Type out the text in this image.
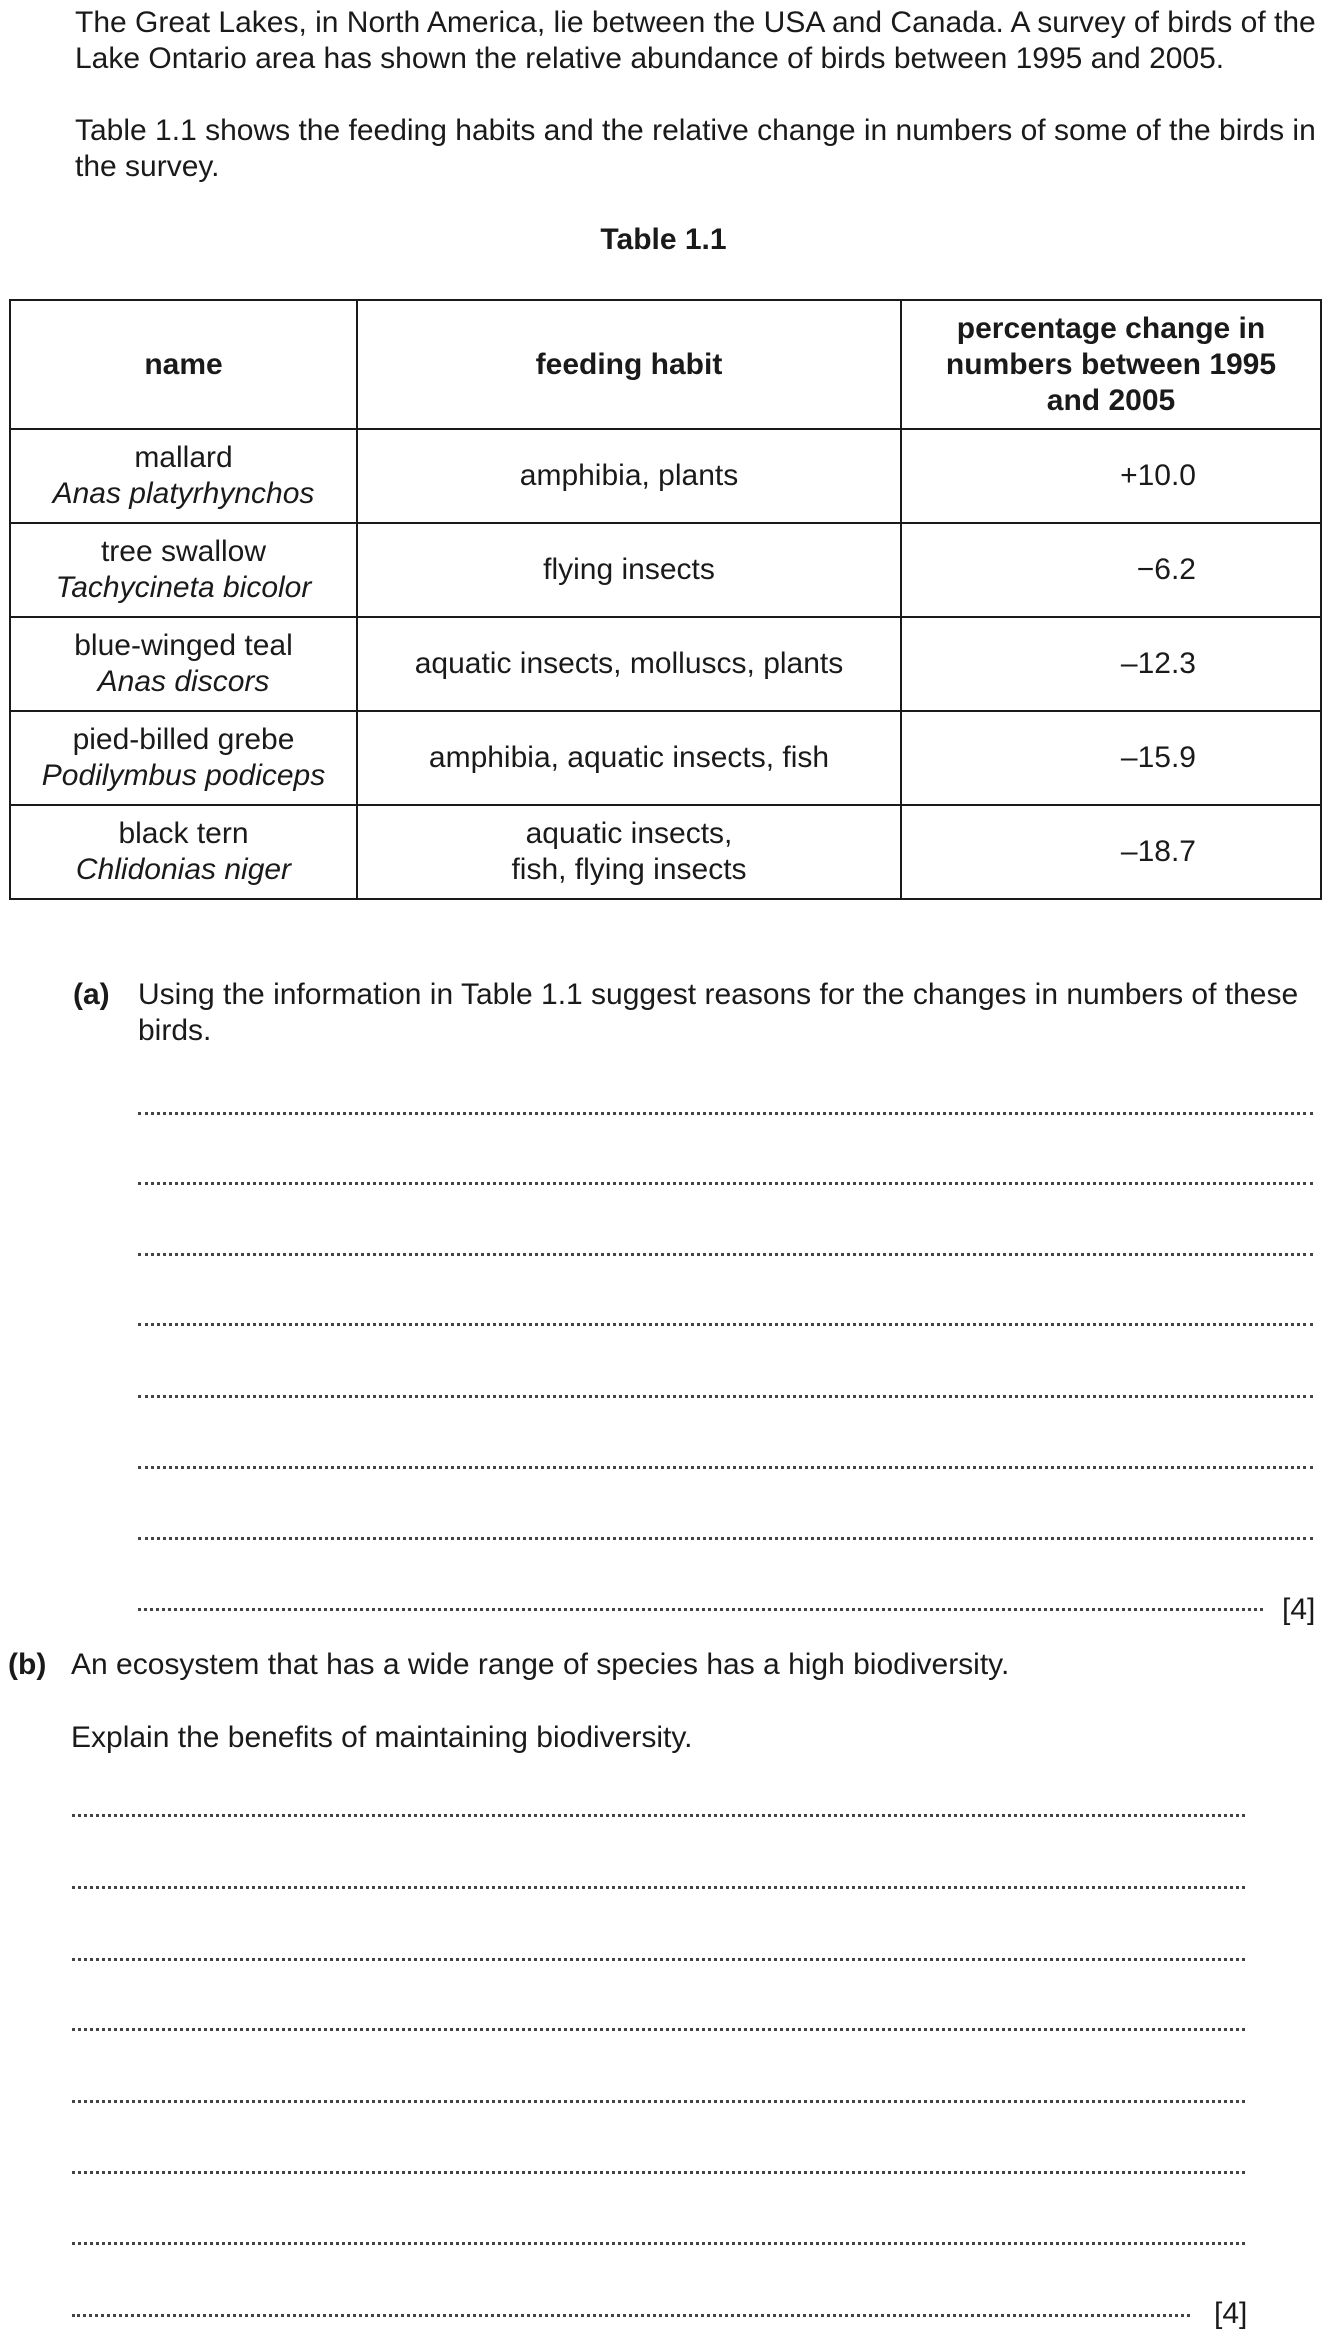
The Great Lakes, in North America, lie between the USA and Canada. A survey of birds of the Lake Ontario area has shown the relative abundance of birds between 1995 and 2005.

Table 1.1 shows the feeding habits and the relative change in numbers of some of the birds in the survey.

Table 1.1

name	feeding habit	percentage change in numbers between 1995 and 2005

mallard
Anas platyrhynchos	amphibia, plants	+10.0

tree swallow
Tachycineta bicolor	flying insects	−6.2

blue-winged teal
Anas discors	aquatic insects, molluscs, plants	–12.3

pied-billed grebe
Podilymbus podiceps	amphibia, aquatic insects, fish	–15.9

black tern
Chlidonias niger	aquatic insects, fish, flying insects	–18.7
(a) Using the information in Table 1.1 suggest reasons for the changes in numbers of these birds.

[4]
(b) An ecosystem that has a wide range of species has a high biodiversity.

Explain the benefits of maintaining biodiversity.

[4]
